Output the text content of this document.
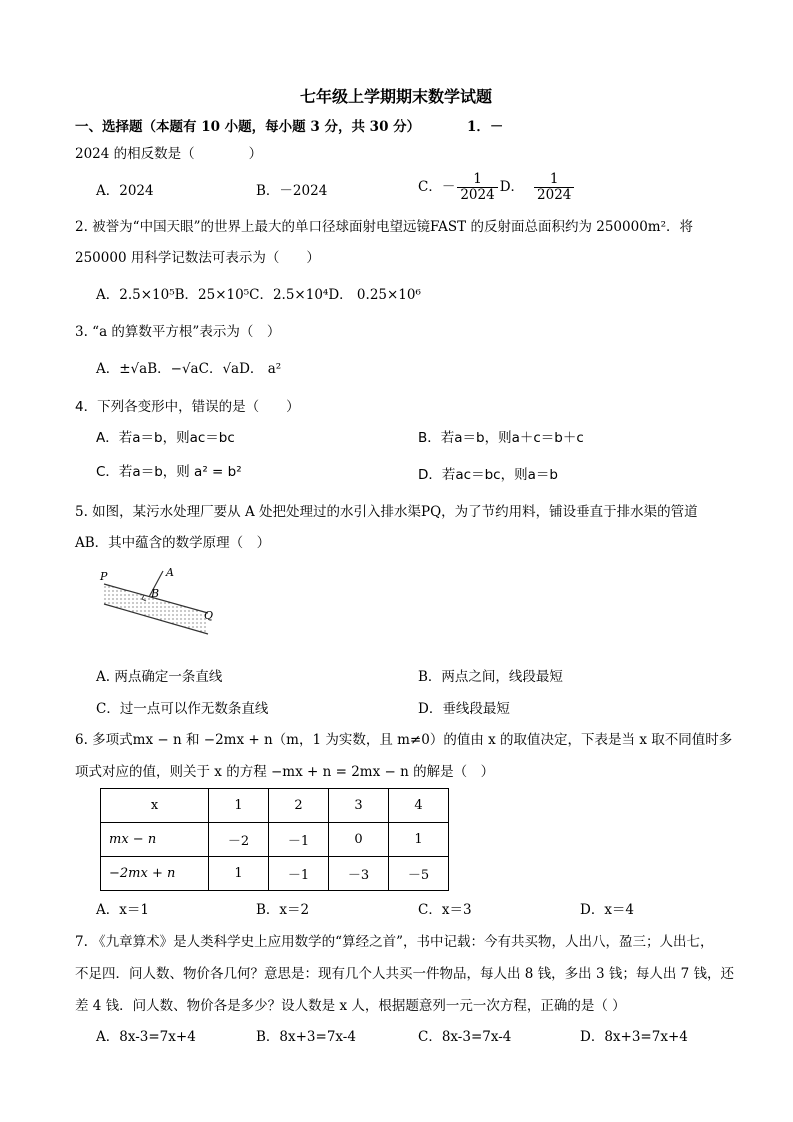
七年级上学期期末数学试题
一、选择题（本题有 10 小题，每小题 3 分，共 30 分）	1．－
2024 的相反数是（　　　　）
A．2024	B．－2024	C．－ $\frac{1}{2024}$ D． $\frac{1}{2024}$
2. 被誉为“中国天眼”的世界上最大的单口径球面射电望远镜FAST 的反射面总面积约为 250000m²．将
250000 用科学记数法可表示为（　　）
A．2.5×10⁵B．25×10⁵C．2.5×10⁴D． 0.25×10⁶
3. “a 的算数平方根”表示为（　）
A．±√aB．−√aC．√aD． a²
4．下列各变形中，错误的是（　　）
A．若a＝b，则ac＝bc	B．若a＝b，则a＋c＝b＋c
C．若a＝b，则 a² = b²	D．若ac＝bc，则a＝b
5. 如图，某污水处理厂要从 A 处把处理过的水引入排水渠PQ，为了节约用料，铺设垂直于排水渠的管道
AB．其中蕴含的数学原理（　）
P	A
B
Q
A. 两点确定一条直线	B．两点之间，线段最短
C．过一点可以作无数条直线	D．垂线段最短
6. 多项式mx − n 和 −2mx + n（m，1 为实数，且 m≠0）的值由 x 的取值决定，下表是当 x 取不同值时多
项式对应的值，则关于 x 的方程 −mx + n = 2mx − n 的解是（　）
x	1	2	3	4
mx − n	－2	－1	0	1
−2mx + n	1	－1	－3	－5
A．x＝1	B．x＝2	C．x＝3	D．x＝4
7. 《九章算术》是人类科学史上应用数学的“算经之首”，书中记载：今有共买物，人出八，盈三；人出七，
不足四．问人数、物价各几何？意思是：现有几个人共买一件物品，每人出 8 钱，多出 3 钱；每人出 7 钱，还
差 4 钱．问人数、物价各是多少？设人数是 x 人，根据题意列一元一次方程，正确的是（ ）
A．8x-3=7x+4	B．8x+3=7x-4	C．8x-3=7x-4	D．8x+3=7x+4
